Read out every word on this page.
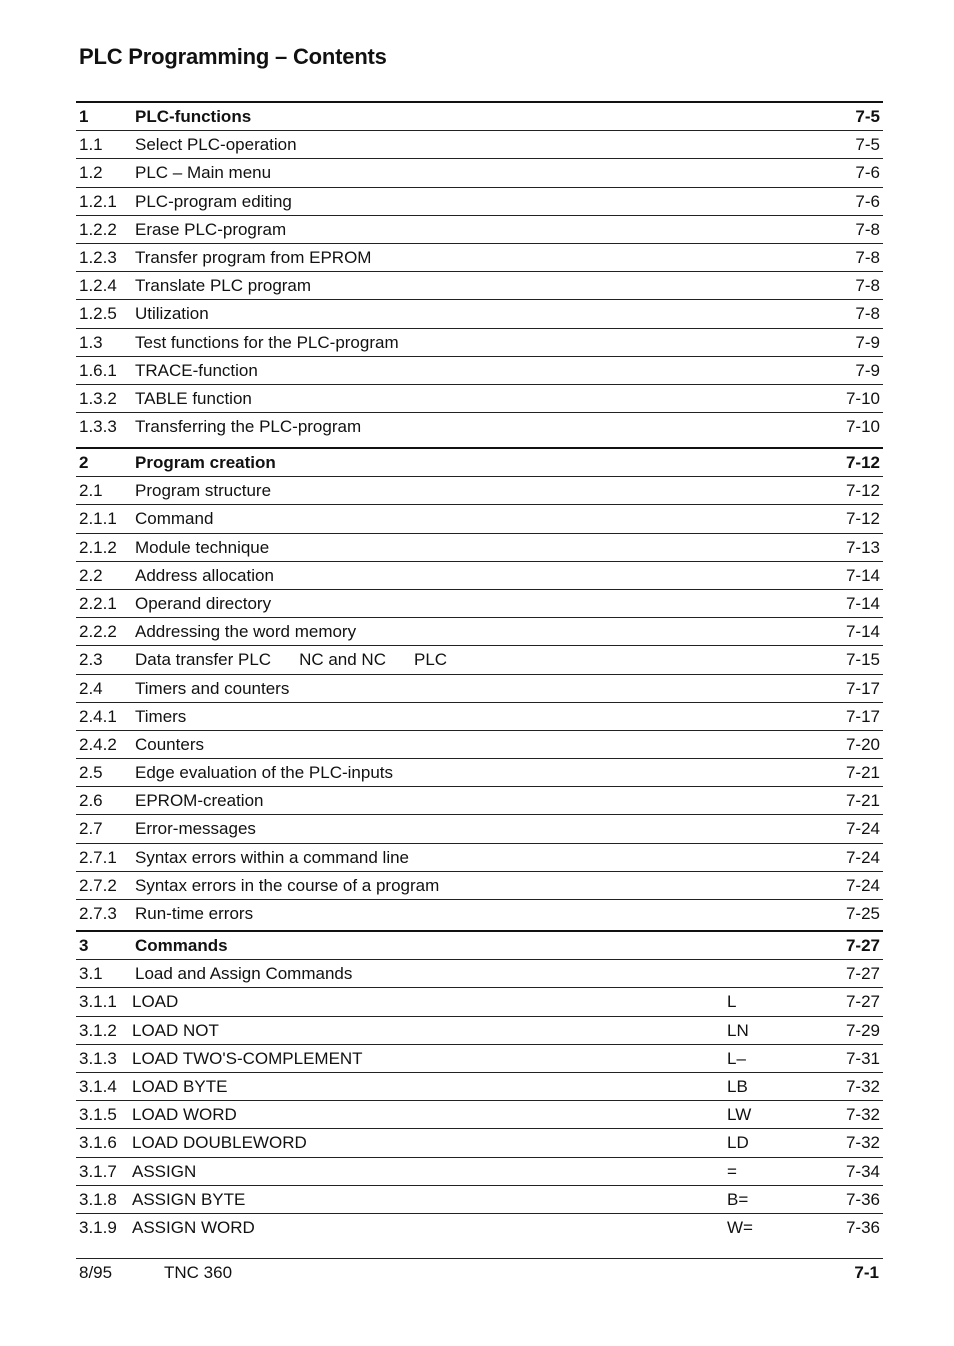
PLC Programming – Contents
1	PLC-functions	7-5
1.1 Select PLC-operation	7-5
1.2 PLC – Main menu	7-6
1.2.1 PLC-program editing	7-6
1.2.2 Erase PLC-program	7-8
1.2.3 Transfer program from EPROM	7-8
1.2.4 Translate PLC program	7-8
1.2.5 Utilization	7-8
1.3 Test functions for the PLC-program	7-9
1.6.1 TRACE-function	7-9
1.3.2 TABLE function	7-10
1.3.3 Transferring the PLC-program	7-10
2	Program creation	7-12
2.1 Program structure	7-12
2.1.1 Command	7-12
2.1.2 Module technique	7-13
2.2 Address allocation	7-14
2.2.1 Operand directory	7-14
2.2.2 Addressing the word memory	7-14
2.3 Data transfer PLC NC and NC PLC	7-15
2.4 Timers and counters	7-17
2.4.1 Timers	7-17
2.4.2 Counters	7-20
2.5 Edge evaluation of the PLC-inputs	7-21
2.6 EPROM-creation	7-21
2.7 Error-messages	7-24
2.7.1 Syntax errors within a command line	7-24
2.7.2 Syntax errors in the course of a program	7-24
2.7.3 Run-time errors	7-25
3	Commands	7-27
3.1 Load and Assign Commands	7-27
3.1.1 LOAD	L	7-27
3.1.2 LOAD NOT	LN	7-29
3.1.3 LOAD TWO'S-COMPLEMENT	L–	7-31
3.1.4 LOAD BYTE	LB	7-32
3.1.5 LOAD WORD	LW	7-32
3.1.6 LOAD DOUBLEWORD	LD	7-32
3.1.7 ASSIGN	=	7-34
3.1.8 ASSIGN BYTE	B=	7-36
3.1.9 ASSIGN WORD	W=	7-36
8/95	TNC 360	7-1
